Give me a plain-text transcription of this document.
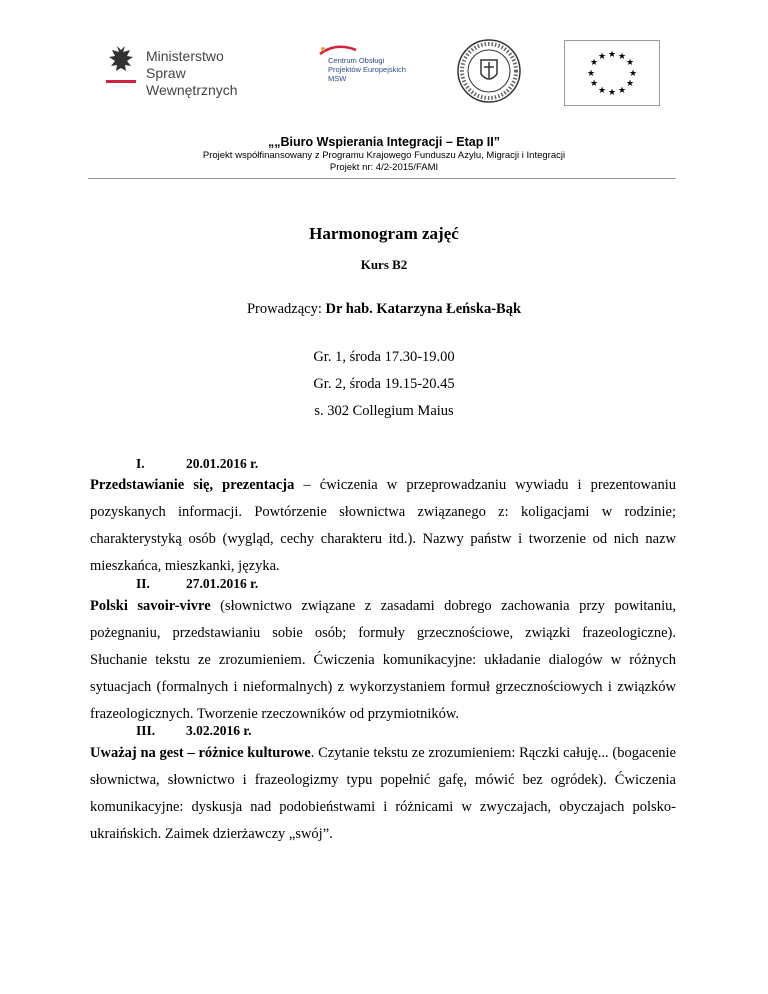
Ministerstwo
Spraw Wewnętrznych
Centrum Obsługi
Projektów Europejskich
MSW
★ ★
★
★
★
★
★
★
★
★
★
★
„„Biuro Wspierania Integracji – Etap II”
Projekt współfinansowany z Programu Krajowego Funduszu Azylu, Migracji i Integracji
Projekt nr: 4/2-2015/FAMI
Harmonogram zajęć
Kurs B2
Prowadzący: Dr hab. Katarzyna Łeńska-Bąk
Gr. 1, środa 17.30-19.00
Gr. 2, środa 19.15-20.45
s. 302 Collegium Maius
I.	20.01.2016 r.

Przedstawianie się, prezentacja – ćwiczenia w przeprowadzaniu wywiadu i prezentowaniu pozyskanych informacji. Powtórzenie słownictwa związanego z: koligacjami w rodzinie; charakterystyką osób (wygląd, cechy charakteru itd.). Nazwy państw i tworzenie od nich nazw mieszkańca, mieszkanki, języka.

II.	27.01.2016 r.

Polski savoir-vivre (słownictwo związane z zasadami dobrego zachowania przy powitaniu, pożegnaniu, przedstawianiu sobie osób; formuły grzecznościowe, związki frazeologiczne). Słuchanie tekstu ze zrozumieniem. Ćwiczenia komunikacyjne: układanie dialogów w różnych sytuacjach (formalnych i nieformalnych) z wykorzystaniem formuł grzecznościowych i związków frazeologicznych. Tworzenie rzeczowników od przymiotników.

III. 3.02.2016 r.

Uważaj na gest – różnice kulturowe. Czytanie tekstu ze zrozumieniem: Rączki całuję... (bogacenie słownictwa, słownictwo i frazeologizmy typu popełnić gafę, mówić bez ogródek). Ćwiczenia komunikacyjne: dyskusja nad podobieństwami i różnicami w zwyczajach, obyczajach polsko-ukraińskich. Zaimek dzierżawczy „swój”.
